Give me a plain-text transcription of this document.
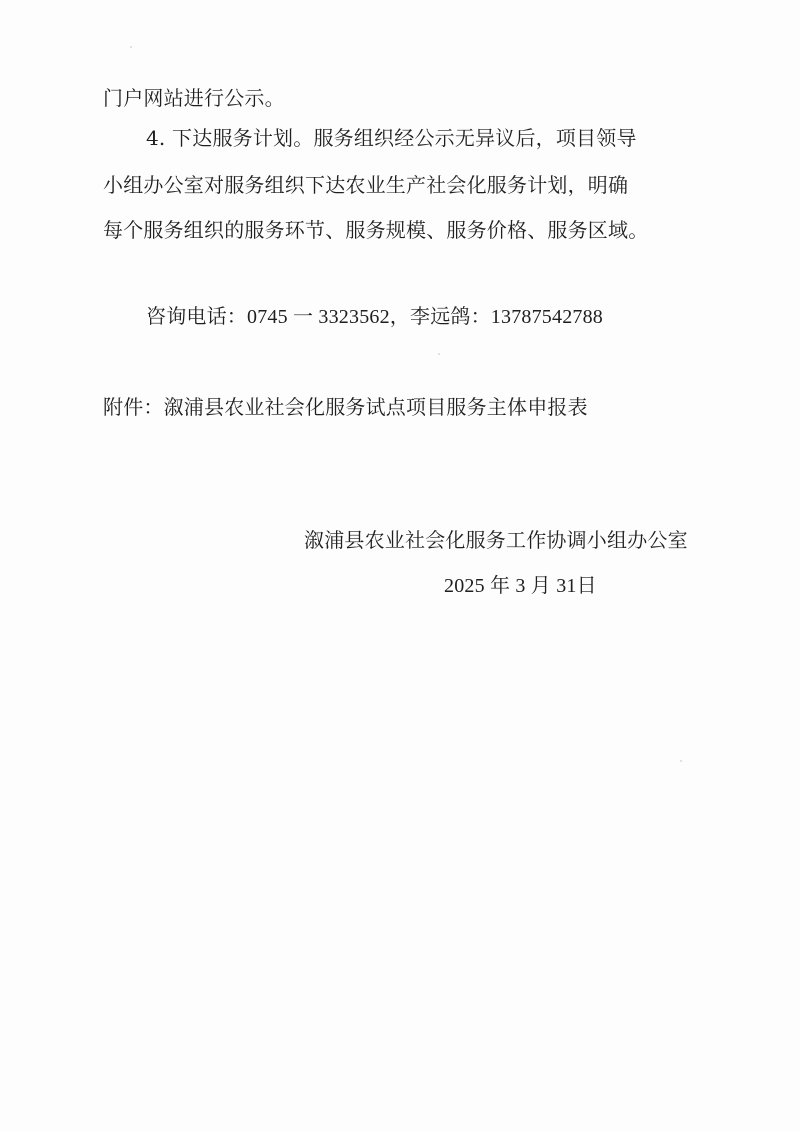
门户网站进行公示。

4. 下达服务计划。服务组织经公示无异议后，项目领导

小组办公室对服务组织下达农业生产社会化服务计划，明确

每个服务组织的服务环节、服务规模、服务价格、服务区域。

咨询电话：0745 一 3323562，李远鸽：13787542788

附件：溆浦县农业社会化服务试点项目服务主体申报表

溆浦县农业社会化服务工作协调小组办公室

2025 年 3 月 31日
